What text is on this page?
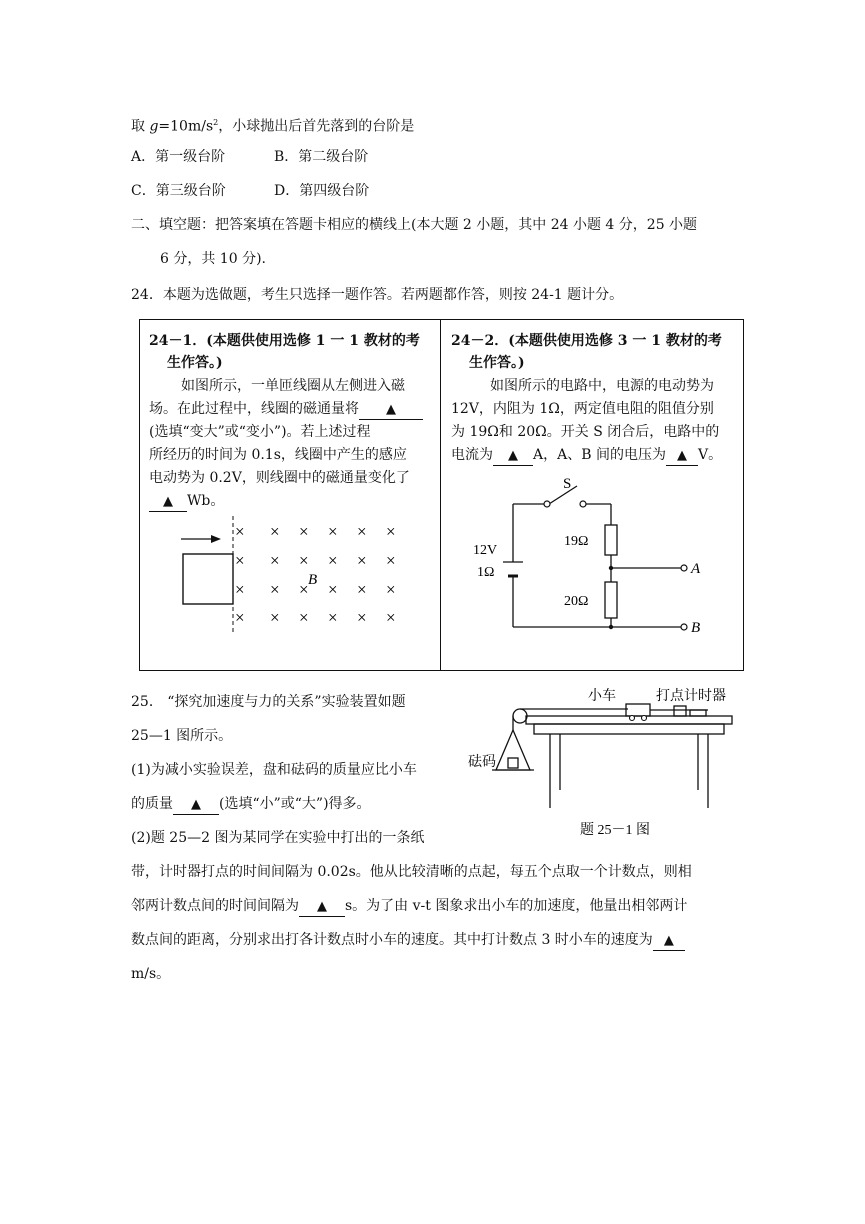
取 $g=10m/s^2$，小球抛出后首先落到的台阶是
A．第一级台阶	B．第二级台阶
C．第三级台阶	D．第四级台阶
二、填空题：把答案填在答题卡相应的横线上(本大题 2 小题，其中 24 小题 4 分，25 小题
6 分，共 10 分).
24．本题为选做题，考生只选择一题作答。若两题都作答，则按 24-1 题计分。
24－1．(本题供使用选修 1 一 1 教材的考
生作答。)
如图所示，一单匝线圈从左侧进入磁
场。在此过程中，线圈的磁通量将 ▲
(选填“变大”或“变小”)。若上述过程
所经历的时间为 0.1s，线圈中产生的感应
电动势为 0.2V，则线圈中的磁通量变化了
▲ Wb。
× × × × × ×
× × × × × ×
× × × × × ×
× × × × × ×
B
24－2．(本题供使用选修 3 一 1 教材的考
生作答。)
如图所示的电路中，电源的电动势为
12V，内阻为 1Ω，两定值电阻的阻值分别
为 19Ω和 20Ω。开关 S 闭合后，电路中的
电流为 ▲ A，A、B 间的电压为 ▲ V。
S
12V
1Ω
19Ω
20Ω
A
B
25． “探究加速度与力的关系”实验装置如题
25—1 图所示。
(1)为减小实验误差，盘和砝码的质量应比小车
的质量 ▲ (选填“小”或“大”)得多。
(2)题 25—2 图为某同学在实验中打出的一条纸
带，计时器打点的时间间隔为 0.02s。他从比较清晰的点起，每五个点取一个计数点，则相
邻两计数点间的时间间隔为 ▲ s。为了由 v-t 图象求出小车的加速度，他量出相邻两计
数点间的距离，分别求出打各计数点时小车的速度。其中打计数点 3 时小车的速度为 ▲
m/s。
小车	打点计时器
砝码
题 25－1 图
